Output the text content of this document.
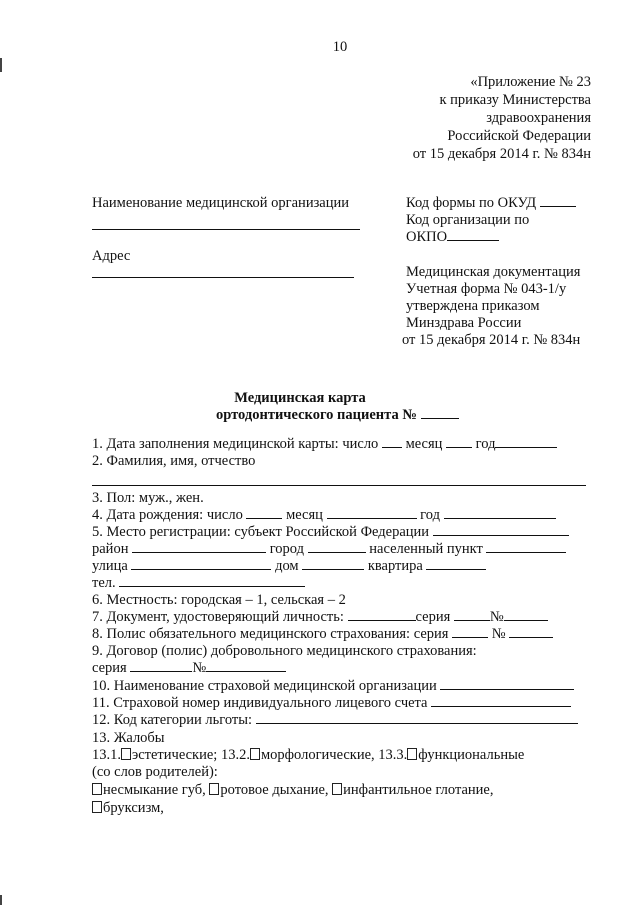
10
«Приложение № 23
к приказу Министерства
здравоохранения
Российской Федерации
от 15 декабря 2014 г. № 834н
Наименование медицинской организации
Адрес
Код формы по ОКУД
Код организации по
ОКПО
Медицинская документация
Учетная форма № 043-1/у
утверждена приказом
Минздрава России
от 15 декабря 2014 г. № 834н
Медицинская карта
ортодонтического пациента №
1. Дата заполнения медицинской карты: число месяц год
2. Фамилия, имя, отчество
3. Пол: муж., жен.
4. Дата рождения: число	месяц	год
5. Место регистрации: субъект Российской Федерации
район	город	населенный пункт
улица	дом	квартира
тел.
6. Местность: городская – 1, сельская – 2
7. Документ, удостоверяющий личность:	серия	№
8. Полис обязательного медицинского страхования: серия	№
9. Договор (полис) добровольного медицинского страхования:
серия	№
10. Наименование страховой медицинской организации
11. Страховой номер индивидуального лицевого счета
12. Код категории льготы:
13. Жалобы
13.1. эстетические; 13.2. морфологические, 13.3. функциональные
(со слов родителей):
несмыкание губ, ротовое дыхание, инфантильное глотание,
бруксизм,
